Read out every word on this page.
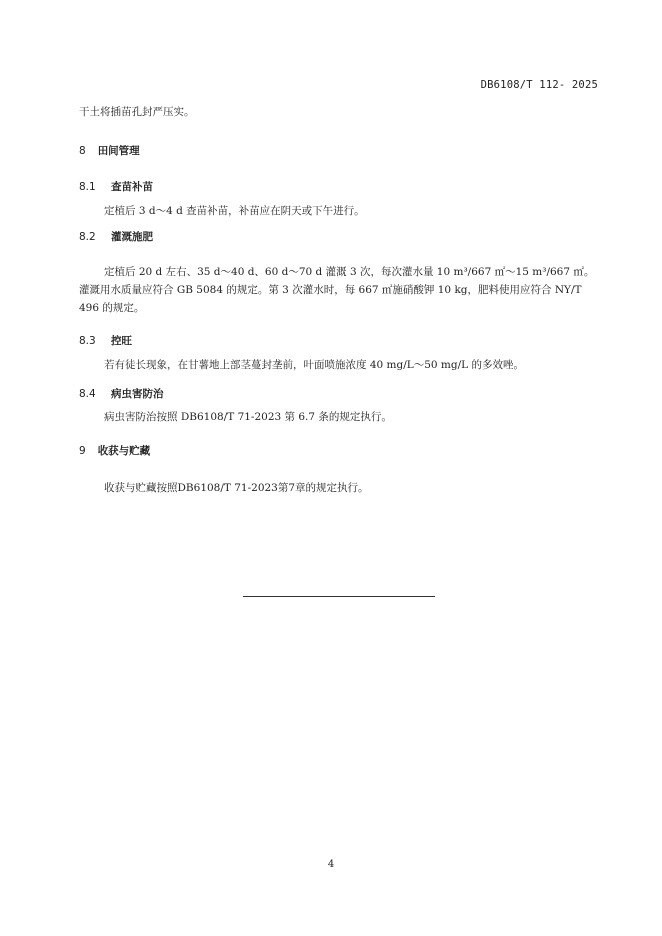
DB6108/T 112- 2025
干土将插苗孔封严压实。
8 田间管理
8.1 查苗补苗
定植后 3 d～4 d 查苗补苗，补苗应在阴天或下午进行。
8.2 灌溉施肥
定植后 20 d 左右、35 d～40 d、60 d～70 d 灌溉 3 次，每次灌水量 10 m³/667 ㎡～15 m³/667 ㎡。
灌溉用水质量应符合 GB 5084 的规定。第 3 次灌水时，每 667 ㎡施硝酸钾 10 kg，肥料使用应符合 NY/T
496 的规定。
8.3 控旺
若有徒长现象，在甘薯地上部茎蔓封垄前，叶面喷施浓度 40 mg/L～50 mg/L 的多效唑。
8.4 病虫害防治
病虫害防治按照 DB6108/T 71-2023 第 6.7 条的规定执行。
9 收获与贮藏
收获与贮藏按照DB6108/T 71-2023第7章的规定执行。
4
